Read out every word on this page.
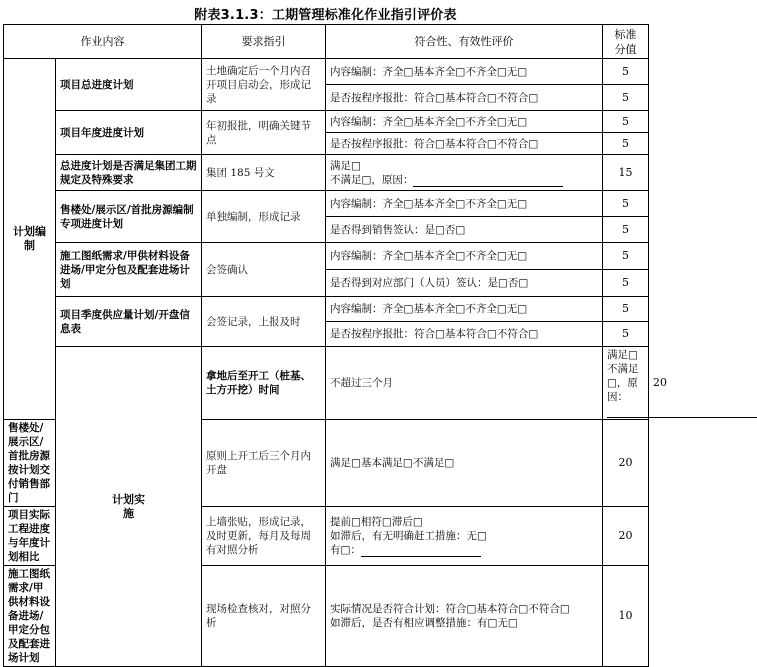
附表3.1.3：工期管理标准化作业指引评价表
作业内容		要求指引	符合性、有效性评价	标准
分值	
计划编
制	项目总进度计划	土地确定后一个月内召开项目启动会，形成记录	内容编制：齐全□基本齐全□不齐全□无□	5	
			是否按程序报批：符合□基本符合□不符合□	5	
	项目年度进度计划	年初报批，明确关键节点	内容编制：齐全□基本齐全□不齐全□无□	5	
			是否按程序报批：符合□基本符合□不符合□	5	
	总进度计划是否满足集团工期规定及特殊要求	集团 185 号文	满足□
不满足□，原因：	15	
	售楼处/展示区/首批房源编制专项进度计划	单独编制，形成记录	内容编制：齐全□基本齐全□不齐全□无□	5	
			是否得到销售签认：是□否□	5	
	施工图纸需求/甲供材料设备进场/甲定分包及配套进场计划	会签确认	内容编制：齐全□基本齐全□不齐全□无□	5	
			是否得到对应部门（人员）签认：是□否□	5	
	项目季度供应量计划/开盘信息表	会签记录，上报及时	内容编制：齐全□基本齐全□不齐全□无□	5	
			是否按程序报批：符合□基本符合□不符合□	5	
	计划实
施	拿地后至开工（桩基、土方开挖）时间	不超过三个月	满足□
不满足□，原因：	20
售楼处/展示区/首批房源按计划交付销售部门		原则上开工后三个月内开盘	满足□基本满足□不满足□	20	
项目实际工程进度与年度计划相比		上墙张贴，形成记录，及时更新，每月及每周有对照分析	提前□相符□滞后□
如滞后，有无明确赶工措施：无□
有□：	20	
施工图纸需求/甲供材料设备进场/甲定分包及配套进场计划		现场检查核对，对照分析	实际情况是否符合计划：符合□基本符合□不符合□
如滞后，是否有相应调整措施：有□无□	10	
